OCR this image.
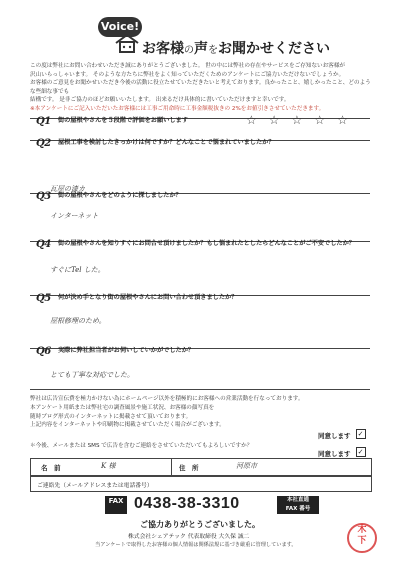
Voice!
お客様の声をお聞かせください

この度は弊社にお問い合わせいただき誠にありがとうございました。 世の中には弊社の存在やサービスをご存知ないお客様が

沢山いらっしゃいます。 そのような方たちに弊社をよく知っていただくためのアンケートにご協力いただけないでしょうか。

お客様のご意見をお聞かせいただき今後の活動に役立たせていただきたいと考えております。良かったこと、嬉しかったこと、どのような些細な事でも

結構です。 是非ご協力のほどお願いいたします。 出来るだけ具体的に書いていただけますと幸いです。

※本アンケートにご記入いただいたお客様には工事ご用命時に工事金額税抜きの 2%をお値引きさせていただきます。

Q1 街の屋根やさんを５段階で評価をお願いします	☆ ☆ ☆ ☆ ☆
Q2 屋根工事を検討したきっかけは何ですか？どんなことで悩まれていましたか？
瓦屋の漆カ
Q3 街の屋根やさんをどのように探しましたか？
インターネット
Q4 街の屋根やさんを知りすぐにお問合せ頂けましたか？もし悩まれたとしたらどんなことがご不安でしたか？
すぐにTel した。
Q5 何が決め手となり街の屋根やさんにお問い合わせ頂きましたか？
屋根修理のため。
Q6 実際に弊社担当者がお伺いしていかがでしたか？
とても丁寧な対応でした。

弊社は広告宣伝費を極力かけない為にホームページ以外を積極的にお客様への営業活動を行なっております。

本アンケート用紙または弊社宅の調査風景や施工状況、お客様の顔写真を

随時ブログ形式のインターネットに掲載させて頂いております。

上記内容をインターネットや印刷物に掲載させていただく場合がございます。

同意します ✓
＊今後、メールまたは SMS で広告を含むご連絡をさせていただいてもよろしいですか？
同意します ✓
名　前	K 様	住　所	河原市
ご連絡先（メールアドレスまたは電話番号）
FAX 0438-38-3310	本社直通
FAX 番号
ご協力ありがとうございました。
株式会社シェアテック 代表取締役 大久保 誠二
当アンケートで取得したお客様の個人情報は関係法規に基づき厳重に管理しています。
木
下
